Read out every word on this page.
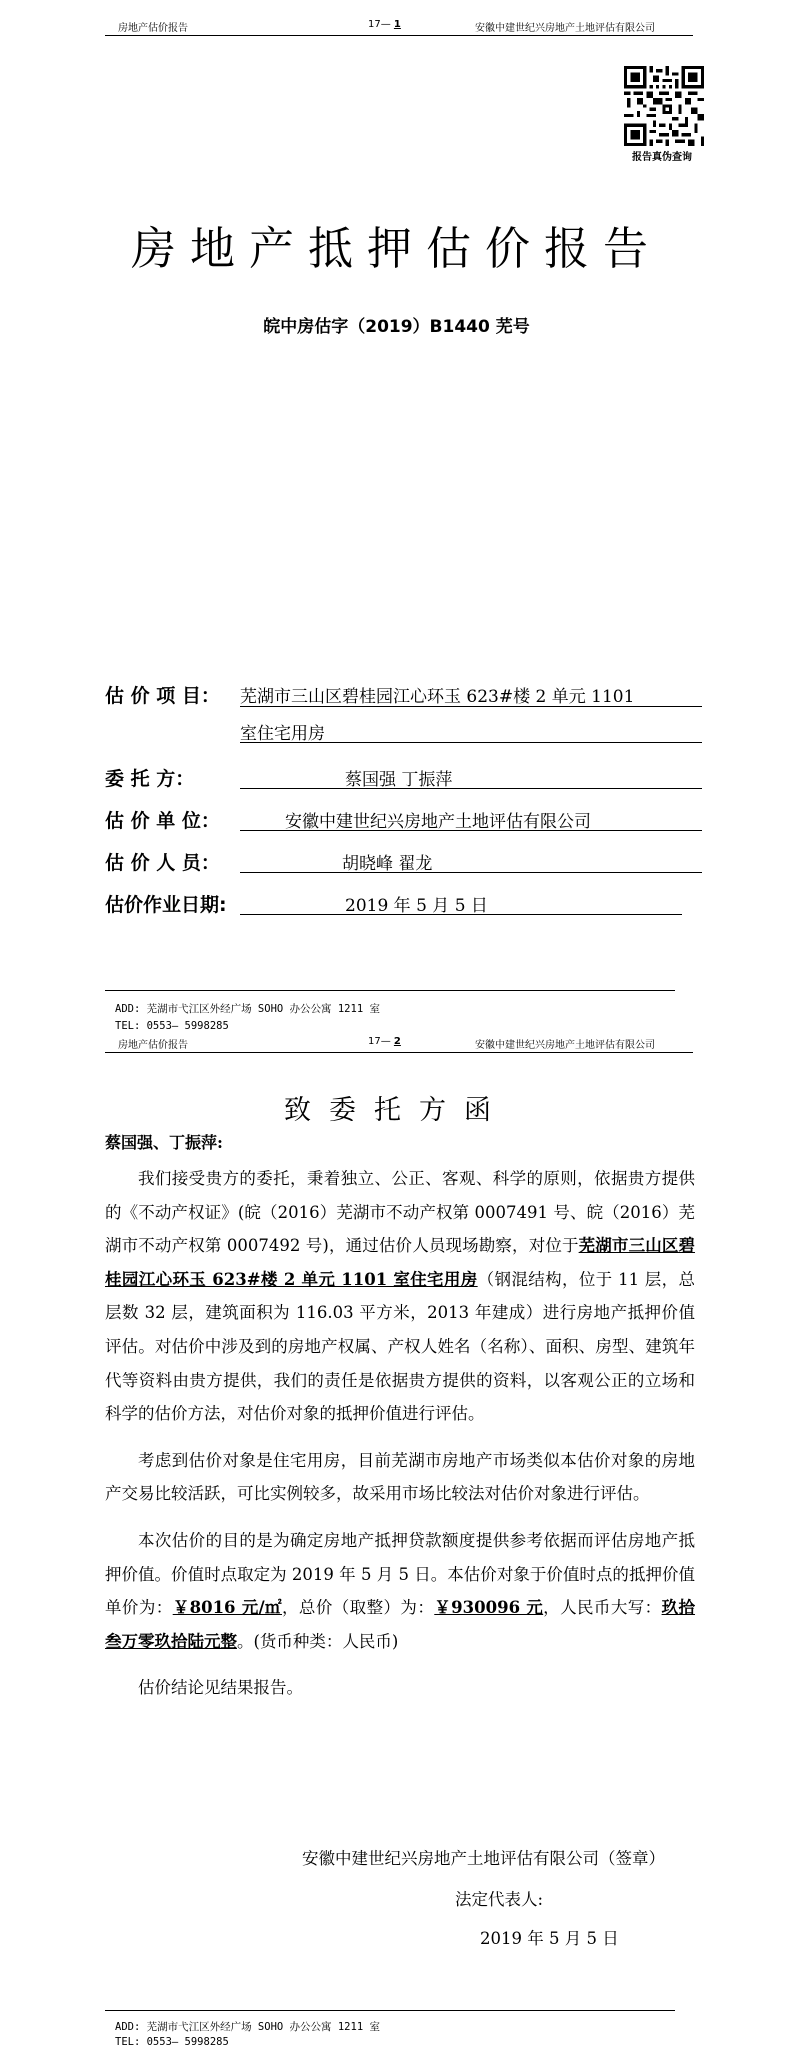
房地产估价报告	17— 1	安徽中建世纪兴房地产土地评估有限公司
报告真伪查询
房地产抵押估价报告
皖中房估字（2019）B1440 芜号
估 价 项 目： 芜湖市三山区碧桂园江心环玉 623#楼 2 单元 1101
室住宅用房
委 托 方：	蔡国强 丁振萍
估 价 单 位：	安徽中建世纪兴房地产土地评估有限公司
估 价 人 员：	胡晓峰 翟龙
估价作业日期:	2019 年 5 月 5 日
ADD: 芜湖市弋江区外经广场 SOHO 办公公寓 1211 室
TEL: 0553— 5998285
房地产估价报告	17— 2	安徽中建世纪兴房地产土地评估有限公司
致委托方函
蔡国强、丁振萍:

我们接受贵方的委托，秉着独立、公正、客观、科学的原则，依据贵方提供的《不动产权证》(皖（2016）芜湖市不动产权第 0007491 号、皖（2016）芜湖市不动产权第 0007492 号)，通过估价人员现场勘察，对位于芜湖市三山区碧桂园江心环玉 623#楼 2 单元 1101 室住宅用房（钢混结构，位于 11 层，总层数 32 层，建筑面积为 116.03 平方米，2013 年建成）进行房地产抵押价值评估。对估价中涉及到的房地产权属、产权人姓名（名称）、面积、房型、建筑年代等资料由贵方提供，我们的责任是依据贵方提供的资料，以客观公正的立场和科学的估价方法，对估价对象的抵押价值进行评估。

考虑到估价对象是住宅用房，目前芜湖市房地产市场类似本估价对象的房地产交易比较活跃，可比实例较多，故采用市场比较法对估价对象进行评估。

本次估价的目的是为确定房地产抵押贷款额度提供参考依据而评估房地产抵押价值。价值时点取定为 2019 年 5 月 5 日。本估价对象于价值时点的抵押价值单价为：￥8016 元/㎡，总价（取整）为：￥930096 元，人民币大写：玖拾叁万零玖拾陆元整。(货币种类：人民币)

估价结论见结果报告。

安徽中建世纪兴房地产土地评估有限公司（签章）
法定代表人:
2019 年 5 月 5 日
ADD: 芜湖市弋江区外经广场 SOHO 办公公寓 1211 室
TEL: 0553— 5998285
